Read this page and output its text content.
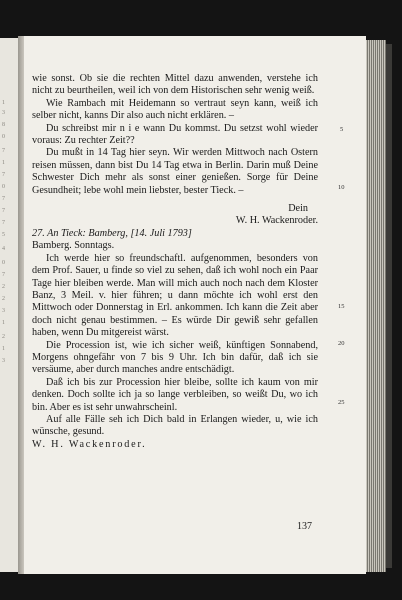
1
3
8
0
7
1
7
0
7
7
7
5
4
0
7
2
2
3
1
2
1
3

wie sonst. Ob sie die rechten Mittel dazu anwenden, verstehe ich nicht zu beurtheilen, weil ich von dem Historischen sehr wenig weiß.

Wie Rambach mit Heidemann so vertraut seyn kann, weiß ich selber nicht, kanns Dir also auch nicht erklären. –

Du schreibst mir n i e wann Du kommst. Du setzst wohl wieder voraus: Zu rechter Zeit??

Du mußt in 14 Tag hier seyn. Wir werden Mittwoch nach Ostern reisen müssen, dann bist Du 14 Tag etwa in Berlin. Darin muß Deine Schwester Dich mehr als sonst einer genießen. Sorge für Deine Gesundheit; lebe wohl mein liebster, bester Tieck. –

Dein
W. H. Wackenroder.

27. An Tieck: Bamberg, [14. Juli 1793]

Bamberg. Sonntags.

Ich werde hier so freundschaftl. aufgenommen, besonders von dem Prof. Sauer, u finde so viel zu sehen, daß ich wohl noch ein Paar Tage hier bleiben werde. Man will mich auch noch nach dem Kloster Banz, 3 Meil. v. hier führen; u dann möchte ich wohl erst den Mittwoch oder Donnerstag in Erl. ankommen. Ich kann die Zeit aber doch nicht genau bestimmen. – Es würde Dir gewiß sehr gefallen haben, wenn Du mitgereist wärst.

Die Procession ist, wie ich sicher weiß, künftigen Sonnabend, Morgens ohngefähr von 7 bis 9 Uhr. Ich bin dafür, daß ich sie versäume, aber durch manches andre entschädigt.

Daß ich bis zur Procession hier bleibe, sollte ich kaum von mir denken. Doch sollte ich ja so lange verbleiben, so weißt Du, wo ich bin. Aber es ist sehr unwahrscheinl.

Auf alle Fälle seh ich Dich bald in Erlangen wieder, u, wie ich wünsche, gesund.

W. H. Wackenroder.

5
10
15
20
25
137
